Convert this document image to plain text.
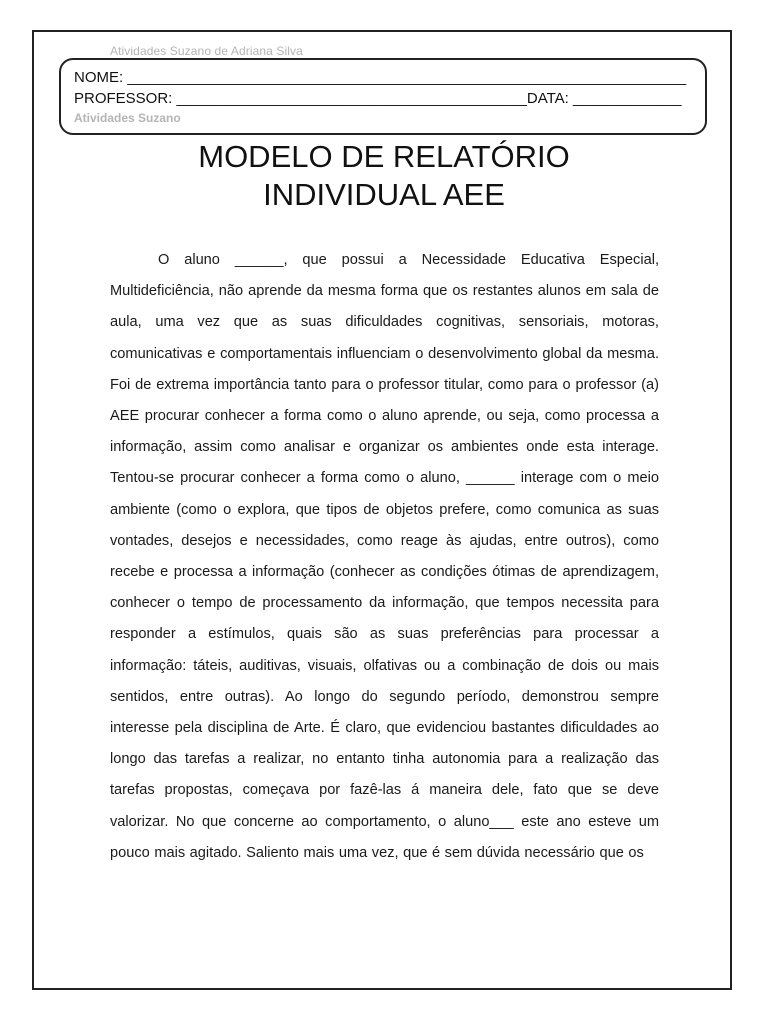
Atividades Suzano de Adriana Silva
NOME: ___________________________________________________________________
PROFESSOR: __________________________________________DATA: _____________
Atividades Suzano
MODELO DE RELATÓRIO
INDIVIDUAL AEE

O aluno ______, que possui a Necessidade Educativa Especial, Multideficiência, não aprende da mesma forma que os restantes alunos em sala de aula, uma vez que as suas dificuldades cognitivas, sensoriais, motoras, comunicativas e comportamentais influenciam o desenvolvimento global da mesma. Foi de extrema importância tanto para o professor titular, como para o professor (a) AEE procurar conhecer a forma como o aluno aprende, ou seja, como processa a informação, assim como analisar e organizar os ambientes onde esta interage. Tentou-se procurar conhecer a forma como o aluno, ______ interage com o meio ambiente (como o explora, que tipos de objetos prefere, como comunica as suas vontades, desejos e necessidades, como reage às ajudas, entre outros), como recebe e processa a informação (conhecer as condições ótimas de aprendizagem, conhecer o tempo de processamento da informação, que tempos necessita para responder a estímulos, quais são as suas preferências para processar a informação: táteis, auditivas, visuais, olfativas ou a combinação de dois ou mais sentidos, entre outras). Ao longo do segundo período, demonstrou sempre interesse pela disciplina de Arte. É claro, que evidenciou bastantes dificuldades ao longo das tarefas a realizar, no entanto tinha autonomia para a realização das tarefas propostas, começava por fazê-las á maneira dele, fato que se deve valorizar. No que concerne ao comportamento, o aluno___ este ano esteve um pouco mais agitado. Saliento mais uma vez, que é sem dúvida necessário que os
